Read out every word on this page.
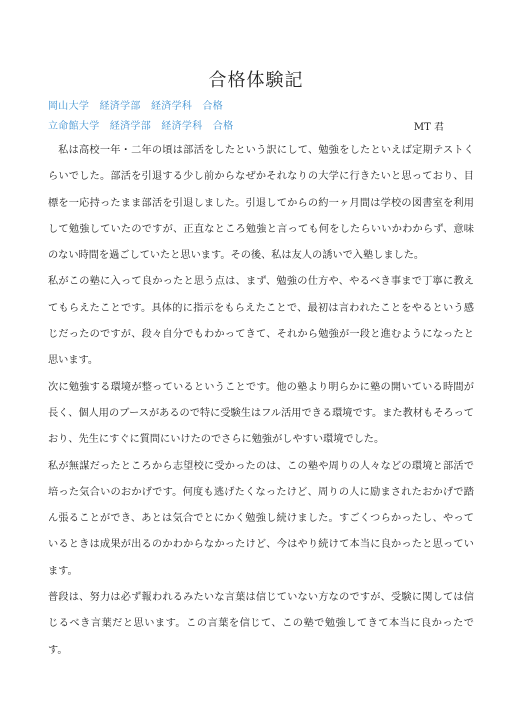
合格体験記
岡山大学　経済学部　経済学科　合格
立命館大学　経済学部　経済学科　合格	MT 君

私は高校一年・二年の頃は部活をしたという訳にして、勉強をしたといえば定期テストくらいでした。部活を引退する少し前からなぜかそれなりの大学に行きたいと思っており、目標を一応持ったまま部活を引退しました。引退してからの約一ヶ月間は学校の図書室を利用して勉強していたのですが、正直なところ勉強と言っても何をしたらいいかわからず、意味のない時間を過ごしていたと思います。その後、私は友人の誘いで入塾しました。

私がこの塾に入って良かったと思う点は、まず、勉強の仕方や、やるべき事まで丁寧に教えてもらえたことです。具体的に指示をもらえたことで、最初は言われたことをやるという感じだったのですが、段々自分でもわかってきて、それから勉強が一段と進むようになったと思います。

次に勉強する環境が整っているということです。他の塾より明らかに塾の開いている時間が長く、個人用のブースがあるので特に受験生はフル活用できる環境です。また教材もそろっており、先生にすぐに質問にいけたのでさらに勉強がしやすい環境でした。

私が無謀だったところから志望校に受かったのは、この塾や周りの人々などの環境と部活で培った気合いのおかげです。何度も逃げたくなったけど、周りの人に励まされたおかげで踏ん張ることができ、あとは気合でとにかく勉強し続けました。すごくつらかったし、やっているときは成果が出るのかわからなかったけど、今はやり続けて本当に良かったと思っています。

普段は、努力は必ず報われるみたいな言葉は信じていない方なのですが、受験に関しては信じるべき言葉だと思います。この言葉を信じて、この塾で勉強してきて本当に良かったです。
